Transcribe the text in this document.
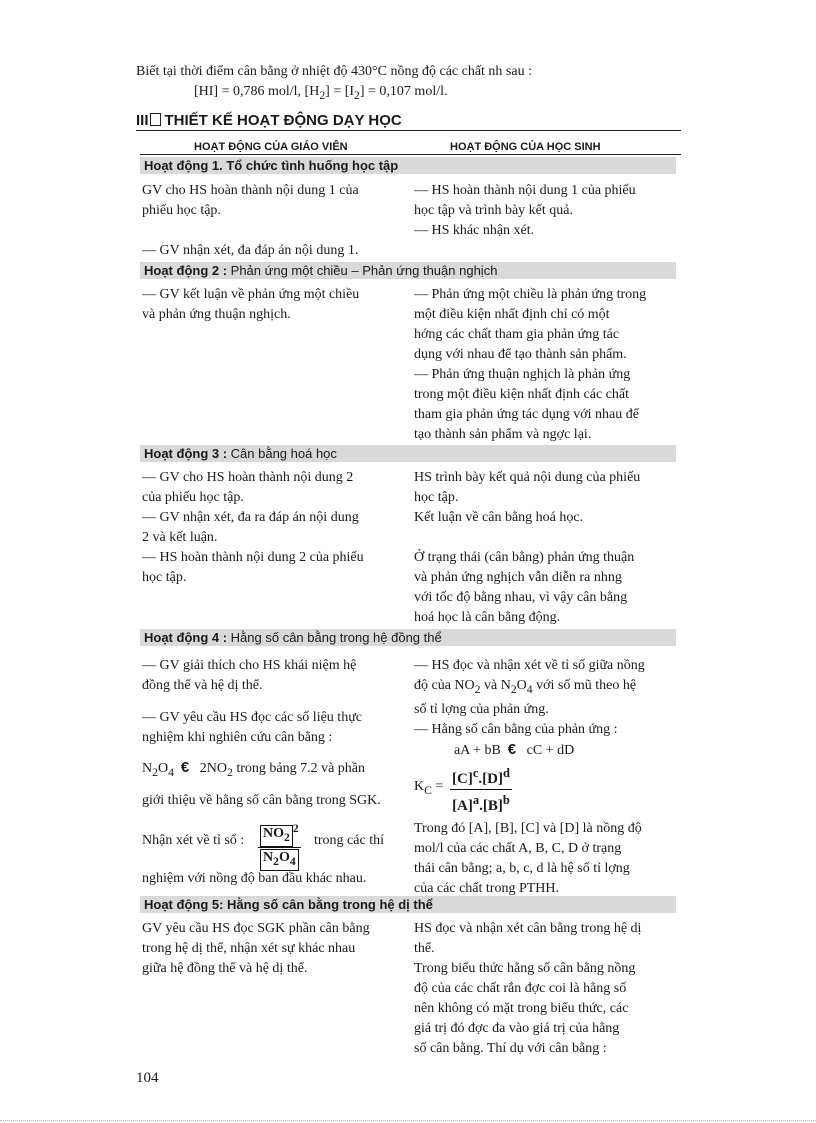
Biết tại thời điểm cân bằng ở nhiệt độ 430°C nồng độ các chất nh sau :
[HI] = 0,786 mol/l, $[H_2] = [I_2] = 0,107$ mol/l.
III THIẾT KẾ HOẠT ĐỘNG DẠY HỌC
HOẠT ĐỘNG CỦA GIÁO VIÊN	HOẠT ĐỘNG CỦA HỌC SINH
Hoạt động 1. Tổ chức tình huống học tập
GV cho HS hoàn thành nội dung 1 của
phiếu học tập.
— GV nhận xét, đa đáp án nội dung 1.
— HS hoàn thành nội dung 1 của phiếu
học tập và trình bày kết quả.
— HS khác nhận xét.
Hoạt động 2 : Phản ứng một chiều – Phản ứng thuận nghịch
— GV kết luận về phản ứng một chiều
và phản ứng thuận nghịch.
— Phản ứng một chiều là phản ứng trong
một điều kiện nhất định chỉ có một
hớng các chất tham gia phản ứng tác
dụng với nhau để tạo thành sản phẩm.
— Phản ứng thuận nghịch là phản ứng
trong một điều kiện nhất định các chất
tham gia phản ứng tác dụng với nhau để
tạo thành sản phẩm và ngợc lại.
Hoạt động 3 : Cân bằng hoá học
— GV cho HS hoàn thành nội dung 2
của phiếu học tập.
— GV nhận xét, đa ra đáp án nội dung
2 và kết luận.
— HS hoàn thành nội dung 2 của phiếu
học tập.
HS trình bày kết quả nội dung của phiếu
học tập.
Kết luận về cân bằng hoá học.
Ở trạng thái (cân bằng) phản ứng thuận
và phản ứng nghịch vẫn diễn ra nhng
với tốc độ bằng nhau, vì vậy cân bằng
hoá học là cân bằng động.
Hoạt động 4 : Hằng số cân bằng trong hệ đồng thể
— GV giải thích cho HS khái niệm hệ
đồng thể và hệ dị thể.
— GV yêu cầu HS đọc các số liệu thực
nghiệm khi nghiên cứu cân bằng :
$N_2O_4$ € $2NO_2$ trong bảng 7.2 và phần
giới thiệu về hằng số cân bằng trong SGK.
Nhận xét về tỉ số : $\frac{NO_2^2}{N_2O_4}$ trong các thí
nghiệm với nồng độ ban đầu khác nhau.
— HS đọc và nhận xét về tỉ số giữa nồng
độ của $NO_2$ và $N_2O_4$ với số mũ theo hệ
số tỉ lợng của phản ứng.
— Hằng số cân bằng của phản ứng :
aA + bB € cC + dD
$K_C = \frac{[C]^c.[D]^d}{[A]^a.[B]^b}$
Trong đó [A], [B], [C] và [D] là nồng độ
mol/l của các chất A, B, C, D ở trạng
thái cân bằng; a, b, c, d là hệ số tỉ lợng
của các chất trong PTHH.
Hoạt động 5: Hằng số cân bằng trong hệ dị thể
GV yêu cầu HS đọc SGK phần cân bằng
trong hệ dị thể, nhận xét sự khác nhau
giữa hệ đồng thể và hệ dị thể.
HS đọc và nhận xét cân bằng trong hệ dị
thể.
Trong biểu thức hằng số cân bằng nồng
độ của các chất rắn đợc coi là hằng số
nên không có mặt trong biểu thức, các
giá trị đó đợc đa vào giá trị của hằng
số cân bằng. Thí dụ với cân bằng :
104
